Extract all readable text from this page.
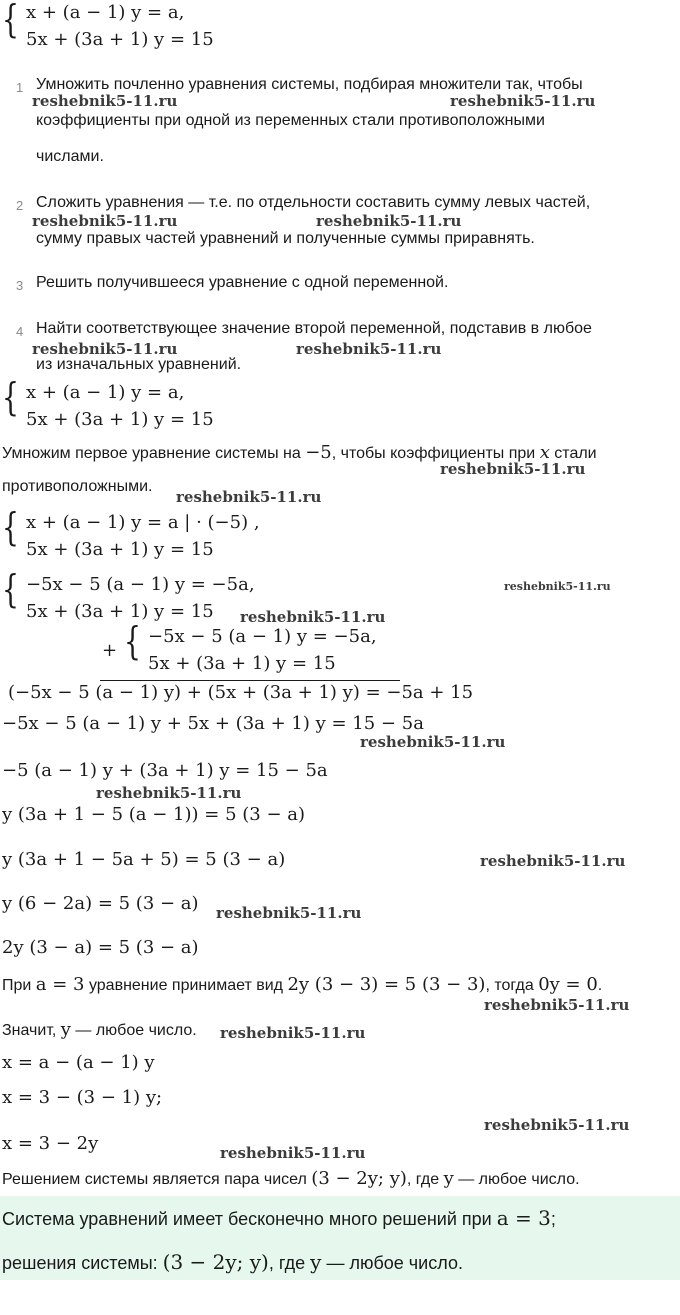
{ x + (a − 1) y = a,
5x + (3a + 1) y = 15
1 Умножить почленно уравнения системы, подбирая множители так, чтобы
коэффициенты при одной из переменных стали противоположными
числами.
2 Сложить уравнения — т.е. по отдельности составить сумму левых частей,
сумму правых частей уравнений и полученные суммы приравнять.
3 Решить получившееся уравнение с одной переменной.
4 Найти соответствующее значение второй переменной, подставив в любое
из изначальных уравнений.
{ x + (a − 1) y = a,
5x + (3a + 1) y = 15
Умножим первое уравнение системы на −5, чтобы коэффициенты при x стали
противоположными.
{ x + (a − 1) y = a | · (−5) ,
5x + (3a + 1) y = 15
{ −5x − 5 (a − 1) y = −5a,
5x + (3a + 1) y = 15
+ { −5x − 5 (a − 1) y = −5a,
5x + (3a + 1) y = 15
(−5x − 5 (a − 1) y) + (5x + (3a + 1) y) = −5a + 15
−5x − 5 (a − 1) y + 5x + (3a + 1) y = 15 − 5a
−5 (a − 1) y + (3a + 1) y = 15 − 5a
y (3a + 1 − 5 (a − 1)) = 5 (3 − a)
y (3a + 1 − 5a + 5) = 5 (3 − a)
y (6 − 2a) = 5 (3 − a)
2y (3 − a) = 5 (3 − a)
При a = 3 уравнение принимает вид 2y (3 − 3) = 5 (3 − 3), тогда 0y = 0.
Значит, y — любое число.
x = a − (a − 1) y
x = 3 − (3 − 1) y;
x = 3 − 2y
Решением системы является пара чисел (3 − 2y; y), где y — любое число.
Система уравнений имеет бесконечно много решений при a = 3;
решения системы: (3 − 2y; y), где y — любое число.
reshebnik5-11.ru	reshebnik5-11.ru
reshebnik5-11.ru	reshebnik5-11.ru
reshebnik5-11.ru	reshebnik5-11.ru
reshebnik5-11.ru
reshebnik5-11.ru
reshebnik5-11.ru
reshebnik5-11.ru
reshebnik5-11.ru
reshebnik5-11.ru
reshebnik5-11.ru
reshebnik5-11.ru
reshebnik5-11.ru
reshebnik5-11.ru
reshebnik5-11.ru
reshebnik5-11.ru
